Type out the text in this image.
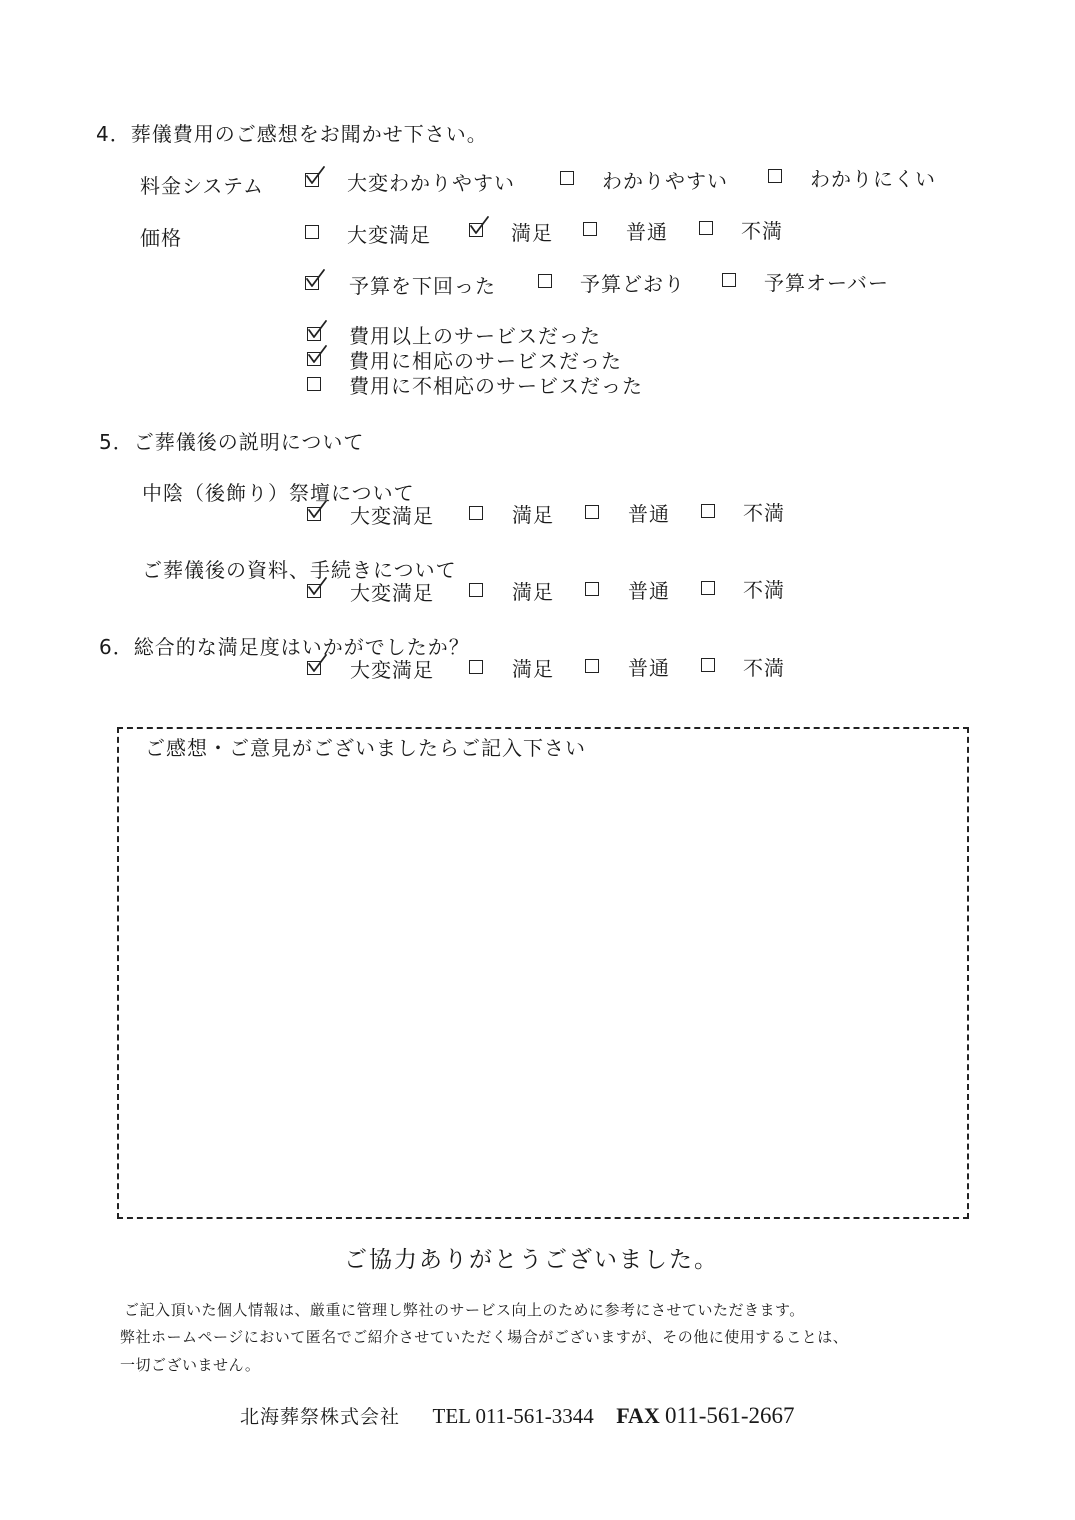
4．葬儀費用のご感想をお聞かせ下さい。
料金システム	大変わかりやすい	わかりやすい	わかりにくい
価格	大変満足	満足	普通	不満
予算を下回った	予算どおり	予算オーバー
費用以上のサービスだった
費用に相応のサービスだった
費用に不相応のサービスだった
5．ご葬儀後の説明について
中陰（後飾り）祭壇について
大変満足	満足	普通	不満
ご葬儀後の資料、手続きについて
大変満足	満足	普通	不満
6．総合的な満足度はいかがでしたか？
大変満足	満足	普通	不満
ご感想・ご意見がございましたらご記入下さい
ご協力ありがとうございました。
ご記入頂いた個人情報は、厳重に管理し弊社のサービス向上のために参考にさせていただきます。
弊社ホームページにおいて匿名でご紹介させていただく場合がございますが、その他に使用することは、
一切ございません。
北海葬祭株式会社 TEL 011-561-3344 FAX 011-561-2667
